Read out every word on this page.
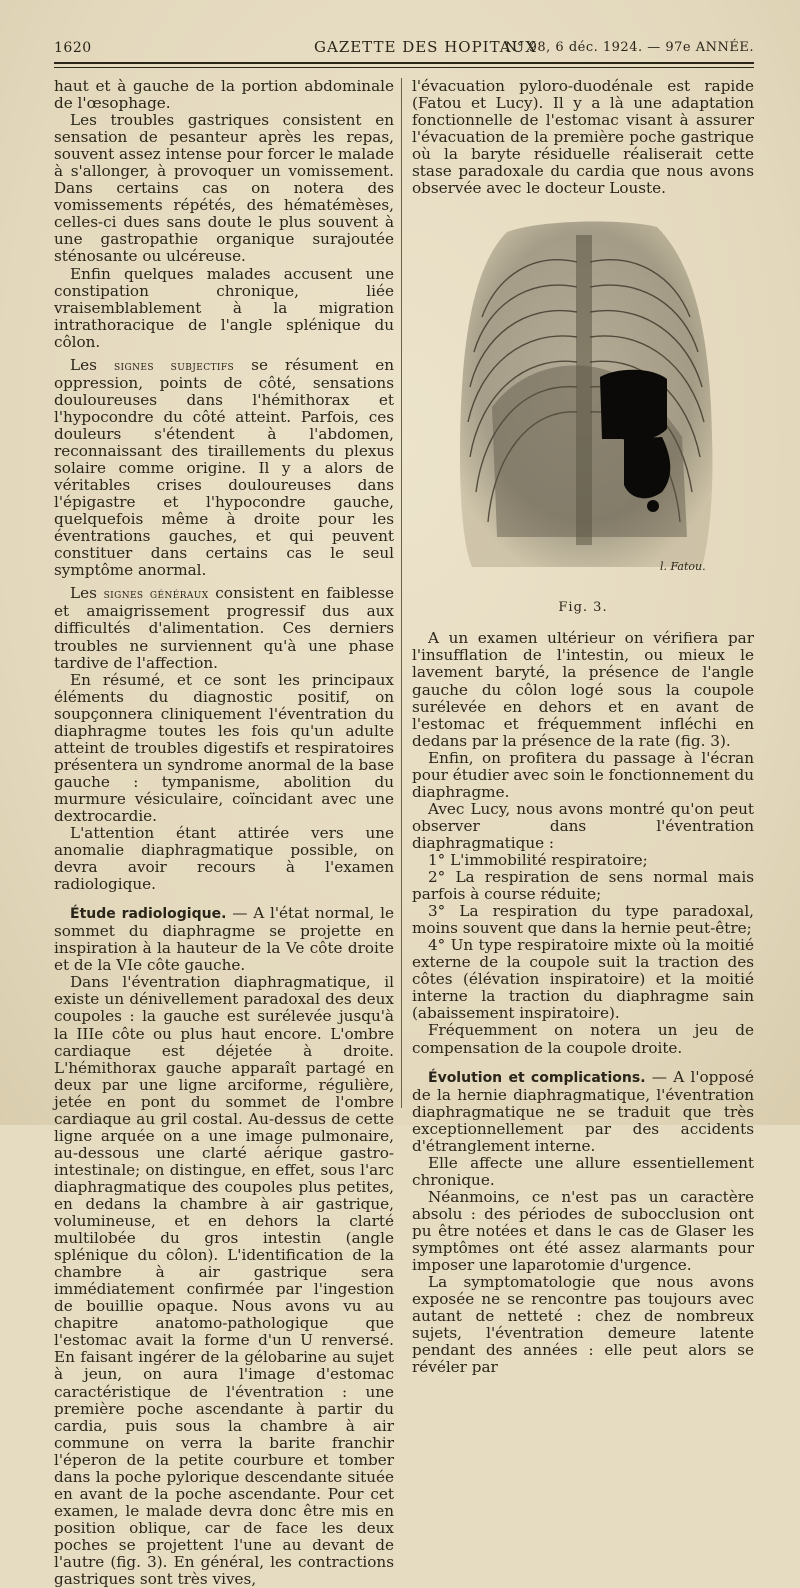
1620	GAZETTE DES HOPITAUX
N° 98, 6 déc. 1924. — 97e ANNÉE.

haut et à gauche de la portion abdominale de l'œsophage.

Les troubles gastriques consistent en sensation de pesanteur après les repas, souvent assez intense pour forcer le malade à s'allonger, à provoquer un vomissement. Dans certains cas on notera des vomissements répétés, des hématémèses, celles-ci dues sans doute le plus souvent à une gastropathie organique surajoutée sténosante ou ulcéreuse.

Enfin quelques malades accusent une constipation chronique, liée vraisemblablement à la migration intrathoracique de l'angle splénique du côlon.

Les signes subjectifs se résument en oppression, points de côté, sensations douloureuses dans l'hémithorax et l'hypocondre du côté atteint. Parfois, ces douleurs s'étendent à l'abdomen, reconnaissant des tiraillements du plexus solaire comme origine. Il y a alors de véritables crises douloureuses dans l'épigastre et l'hypocondre gauche, quelquefois même à droite pour les éventrations gauches, et qui peuvent constituer dans certains cas le seul symptôme anormal.

Les signes généraux consistent en faiblesse et amaigrissement progressif dus aux difficultés d'alimentation. Ces derniers troubles ne surviennent qu'à une phase tardive de l'affection.

En résumé, et ce sont les principaux éléments du diagnostic positif, on soupçonnera cliniquement l'éventration du diaphragme toutes les fois qu'un adulte atteint de troubles digestifs et respiratoires présentera un syndrome anormal de la base gauche : tympanisme, abolition du murmure vésiculaire, coïncidant avec une dextrocardie.

L'attention étant attirée vers une anomalie diaphragmatique possible, on devra avoir recours à l'examen radiologique.

Étude radiologique. — A l'état normal, le sommet du diaphragme se projette en inspiration à la hauteur de la Ve côte droite et de la VIe côte gauche.

Dans l'éventration diaphragmatique, il existe un dénivellement paradoxal des deux coupoles : la gauche est surélevée jusqu'à la IIIe côte ou plus haut encore. L'ombre cardiaque est déjetée à droite. L'hémithorax gauche apparaît partagé en deux par une ligne arciforme, régulière, jetée en pont du sommet de l'ombre cardiaque au gril costal. Au-dessus de cette ligne arquée on a une image pulmonaire, au-dessous une clarté aérique gastro-intestinale; on distingue, en effet, sous l'arc diaphragmatique des coupoles plus petites, en dedans la chambre à air gastrique, volumineuse, et en dehors la clarté multilobée du gros intestin (angle splénique du côlon). L'identification de la chambre à air gastrique sera immédiatement confirmée par l'ingestion de bouillie opaque. Nous avons vu au chapitre anatomo-pathologique que l'estomac avait la forme d'un U renversé. En faisant ingérer de la gélobarine au sujet à jeun, on aura l'image d'estomac caractéristique de l'éventration : une première poche ascendante à partir du cardia, puis sous la chambre à air commune on verra la barite franchir l'éperon de la petite courbure et tomber dans la poche pylorique descendante située en avant de la poche ascendante. Pour cet examen, le malade devra donc être mis en position oblique, car de face les deux poches se projettent l'une au devant de l'autre (fig. 3). En général, les contractions gastriques sont très vives,

l'évacuation pyloro-duodénale est rapide (Fatou et Lucy). Il y a là une adaptation fonctionnelle de l'estomac visant à assurer l'évacuation de la première poche gastrique où la baryte résiduelle réaliserait cette stase paradoxale du cardia que nous avons observée avec le docteur Louste.

l. Fatou.
Fig. 3.

A un examen ultérieur on vérifiera par l'insufflation de l'intestin, ou mieux le lavement baryté, la présence de l'angle gauche du côlon logé sous la coupole surélevée en dehors et en avant de l'estomac et fréquemment infléchi en dedans par la présence de la rate (fig. 3).

Enfin, on profitera du passage à l'écran pour étudier avec soin le fonctionnement du diaphragme.

Avec Lucy, nous avons montré qu'on peut observer dans l'éventration diaphragmatique :

1° L'immobilité respiratoire;

2° La respiration de sens normal mais parfois à course réduite;

3° La respiration du type paradoxal, moins souvent que dans la hernie peut-être;

4° Un type respiratoire mixte où la moitié externe de la coupole suit la traction des côtes (élévation inspiratoire) et la moitié interne la traction du diaphragme sain (abaissement inspiratoire).

Fréquemment on notera un jeu de compensation de la coupole droite.

Évolution et complications. — A l'opposé de la hernie diaphragmatique, l'éventration diaphragmatique ne se traduit que très exceptionnellement par des accidents d'étranglement interne.

Elle affecte une allure essentiellement chronique.

Néanmoins, ce n'est pas un caractère absolu : des périodes de subocclusion ont pu être notées et dans le cas de Glaser les symptômes ont été assez alarmants pour imposer une laparotomie d'urgence.

La symptomatologie que nous avons exposée ne se rencontre pas toujours avec autant de netteté : chez de nombreux sujets, l'éventration demeure latente pendant des années : elle peut alors se révéler par
